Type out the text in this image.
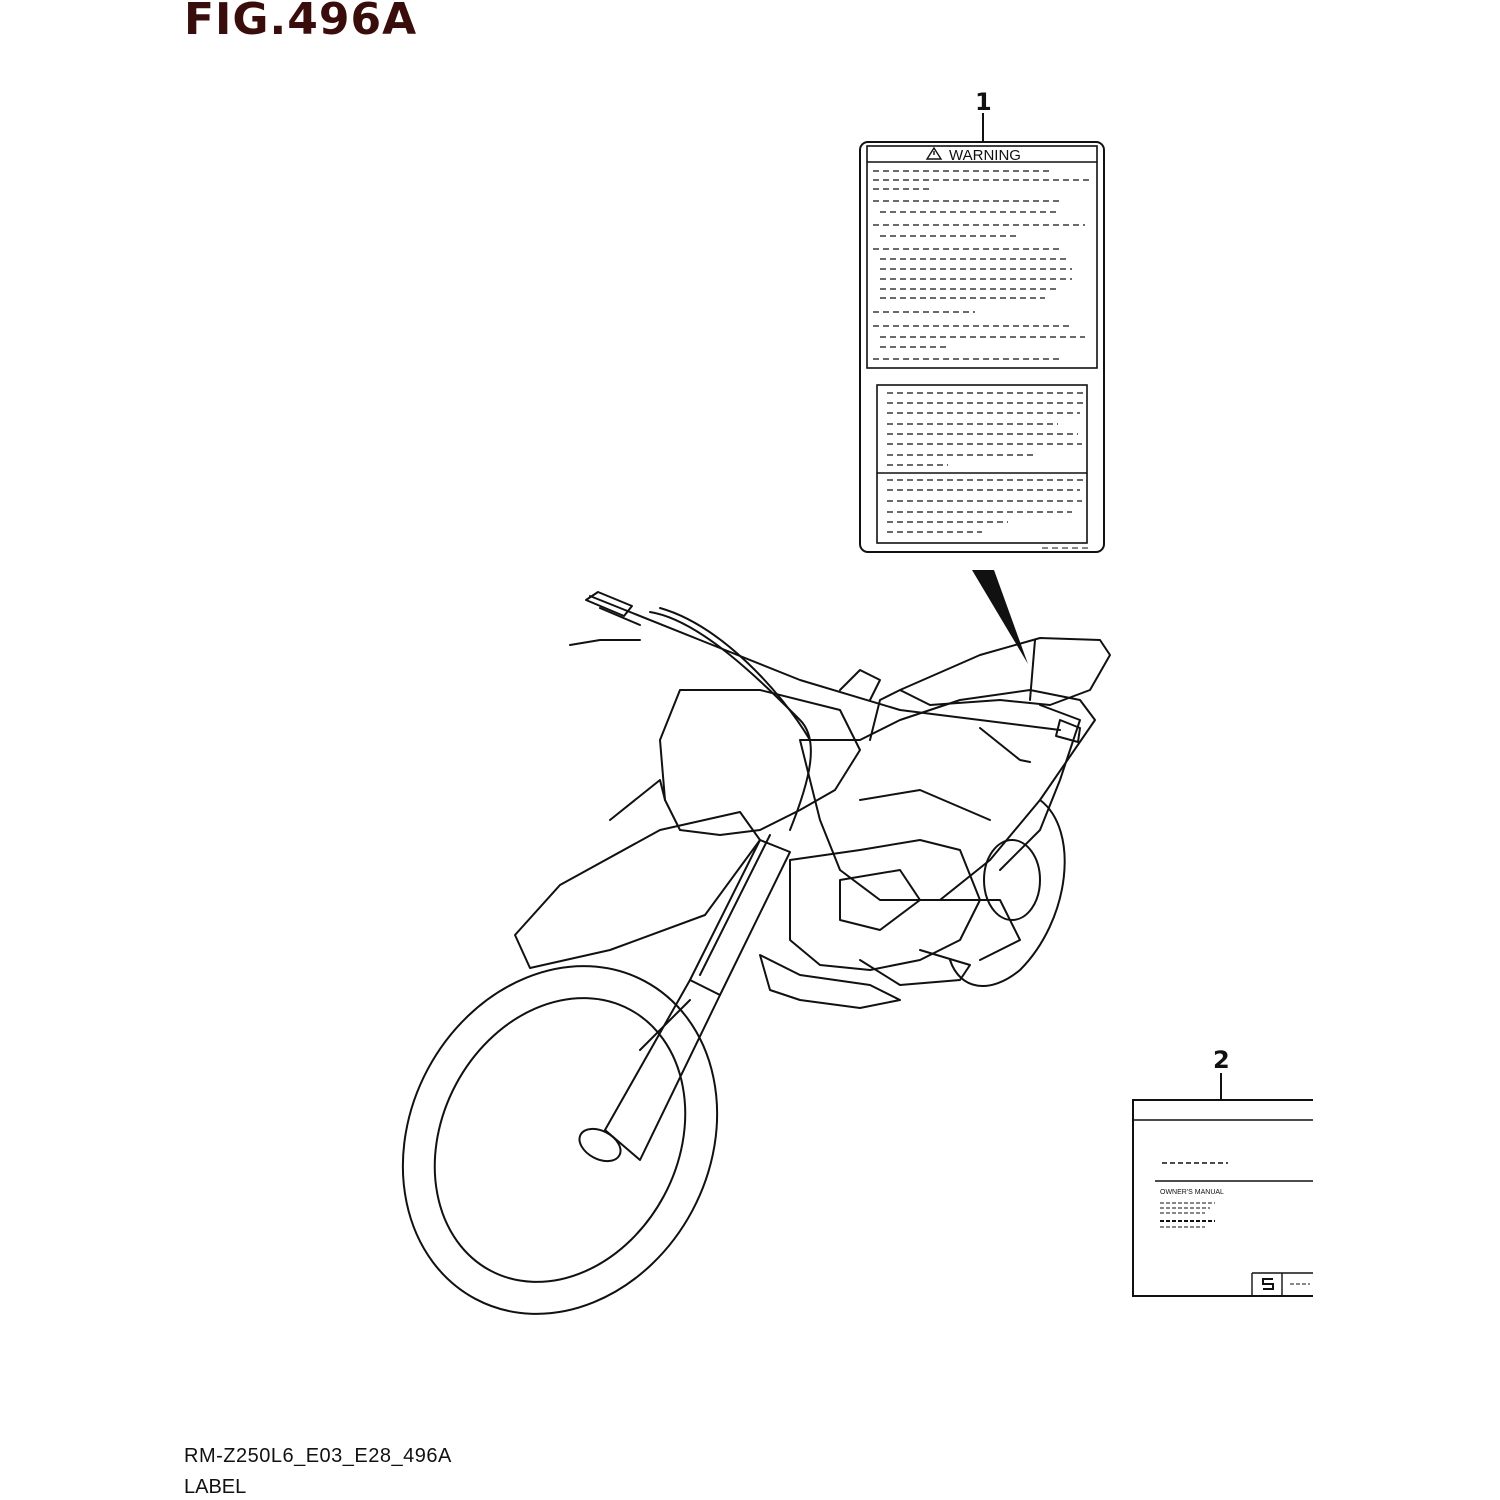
FIG.496A
WARNING
OWNER'S MANUAL
1
2
RM-Z250L6_E03_E28_496A
LABEL
